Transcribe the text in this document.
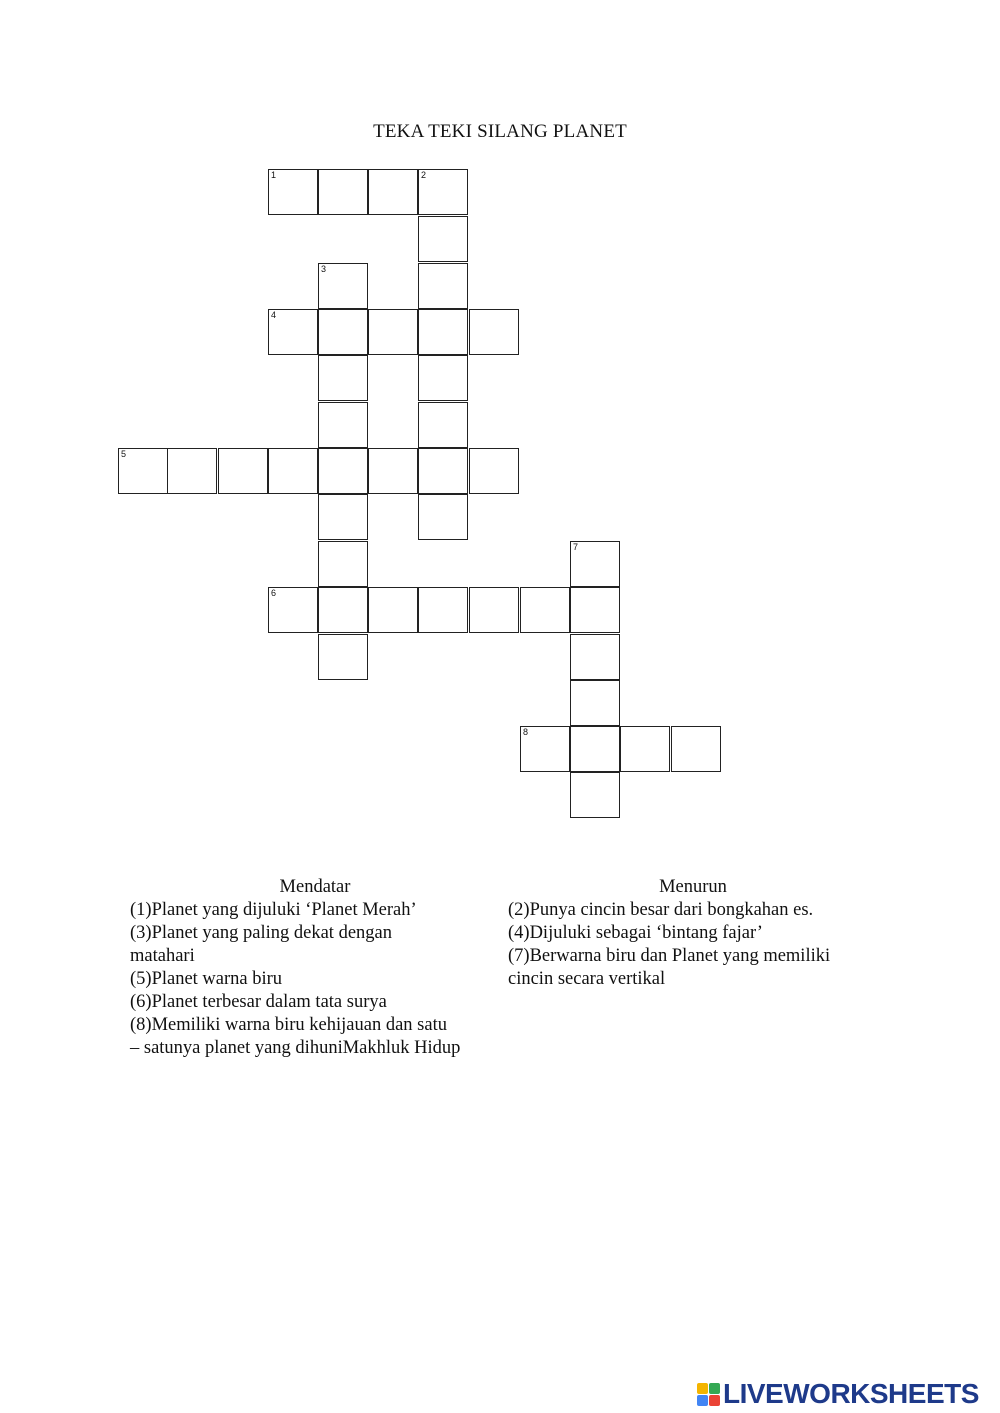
TEKA TEKI SILANG PLANET
1	2
3
4
5
7
6
8
Mendatar
(1)Planet yang dijuluki ‘Planet Merah’
(3)Planet yang paling dekat dengan
matahari
(5)Planet warna biru
(6)Planet terbesar dalam tata surya
(8)Memiliki warna biru kehijauan dan satu
– satunya planet yang dihuniMakhluk Hidup
Menurun
(2)Punya cincin besar dari bongkahan es.
(4)Dijuluki sebagai ‘bintang fajar’
(7)Berwarna biru dan Planet yang memiliki
cincin secara vertikal
LIVEWORKSHEETS
